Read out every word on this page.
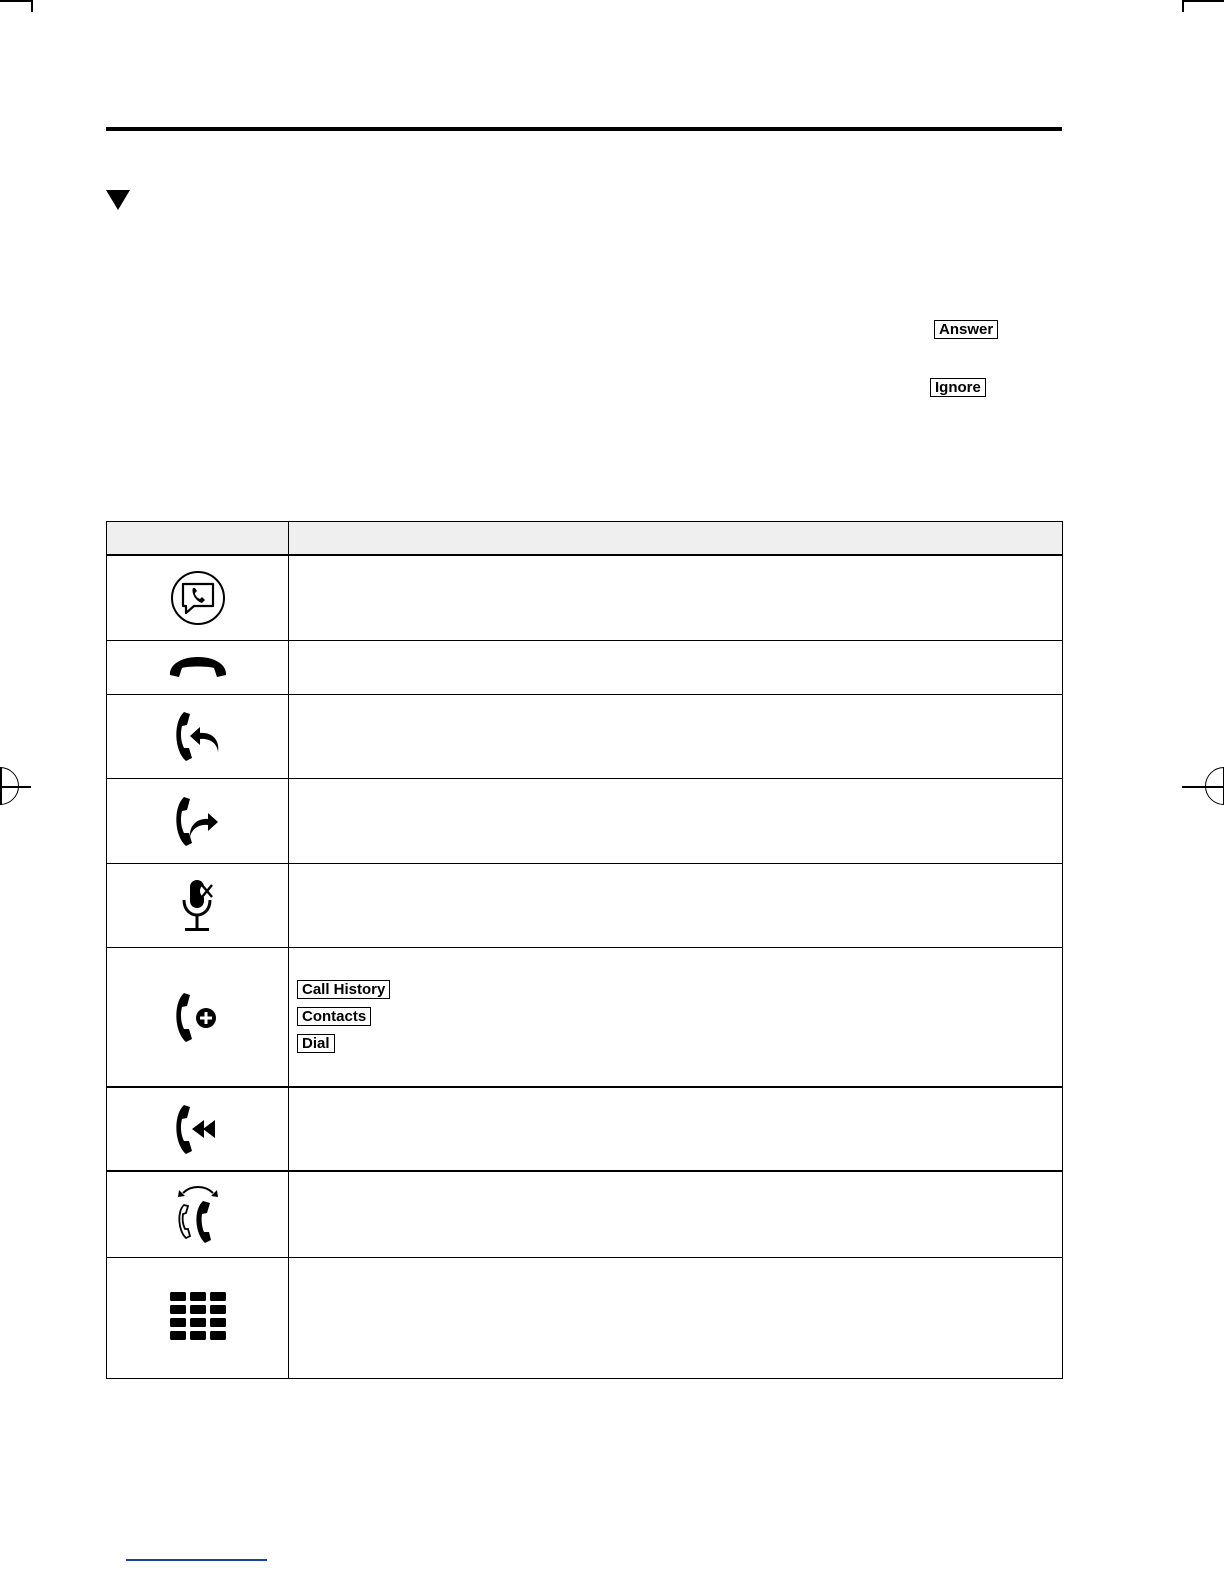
Answer
Ignore

Call History
Contacts
Dial
